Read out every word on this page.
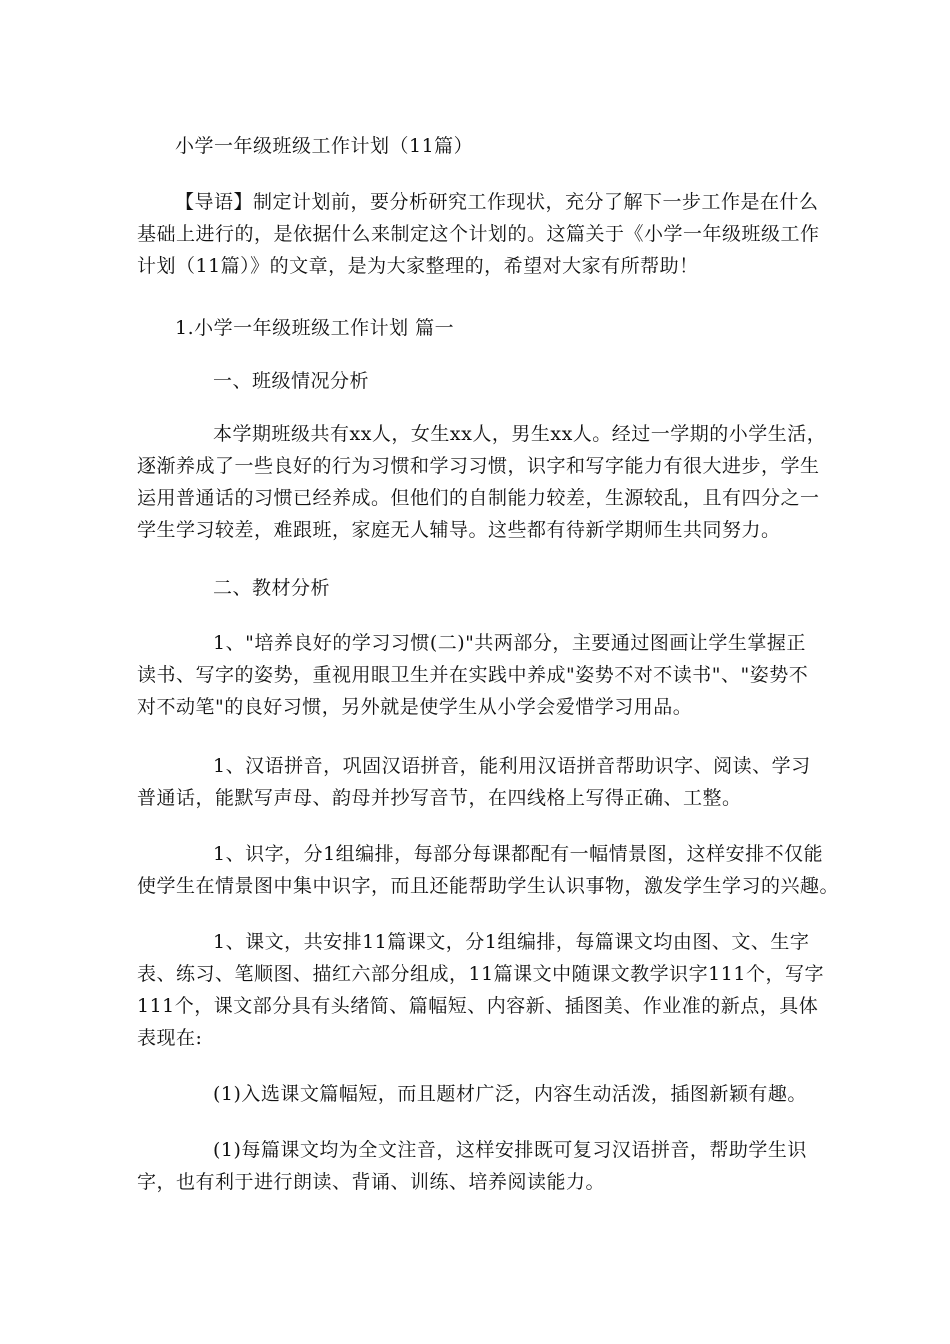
小学一年级班级工作计划（11篇）
【导语】制定计划前，要分析研究工作现状，充分了解下一步工作是在什么
基础上进行的，是依据什么来制定这个计划的。这篇关于《小学一年级班级工作
计划（11篇）》的文章，是为大家整理的，希望对大家有所帮助！
1.小学一年级班级工作计划 篇一
一、班级情况分析
本学期班级共有xx人，女生xx人，男生xx人。经过一学期的小学生活，
逐渐养成了一些良好的行为习惯和学习习惯，识字和写字能力有很大进步，学生
运用普通话的习惯已经养成。但他们的自制能力较差，生源较乱，且有四分之一
学生学习较差，难跟班，家庭无人辅导。这些都有待新学期师生共同努力。
二、教材分析
1、"培养良好的学习习惯(二)"共两部分，主要通过图画让学生掌握正
读书、写字的姿势，重视用眼卫生并在实践中养成"姿势不对不读书"、"姿势不
对不动笔"的良好习惯，另外就是使学生从小学会爱惜学习用品。
1、汉语拼音，巩固汉语拼音，能利用汉语拼音帮助识字、阅读、学习
普通话，能默写声母、韵母并抄写音节，在四线格上写得正确、工整。
1、识字，分1组编排，每部分每课都配有一幅情景图，这样安排不仅能
使学生在情景图中集中识字，而且还能帮助学生认识事物，激发学生学习的兴趣。
1、课文，共安排11篇课文，分1组编排，每篇课文均由图、文、生字
表、练习、笔顺图、描红六部分组成，11篇课文中随课文教学识字111个，写字
111个，课文部分具有头绪简、篇幅短、内容新、插图美、作业准的新点，具体
表现在:
(1)入选课文篇幅短，而且题材广泛，内容生动活泼，插图新颖有趣。
(1)每篇课文均为全文注音，这样安排既可复习汉语拼音，帮助学生识
字，也有利于进行朗读、背诵、训练、培养阅读能力。
